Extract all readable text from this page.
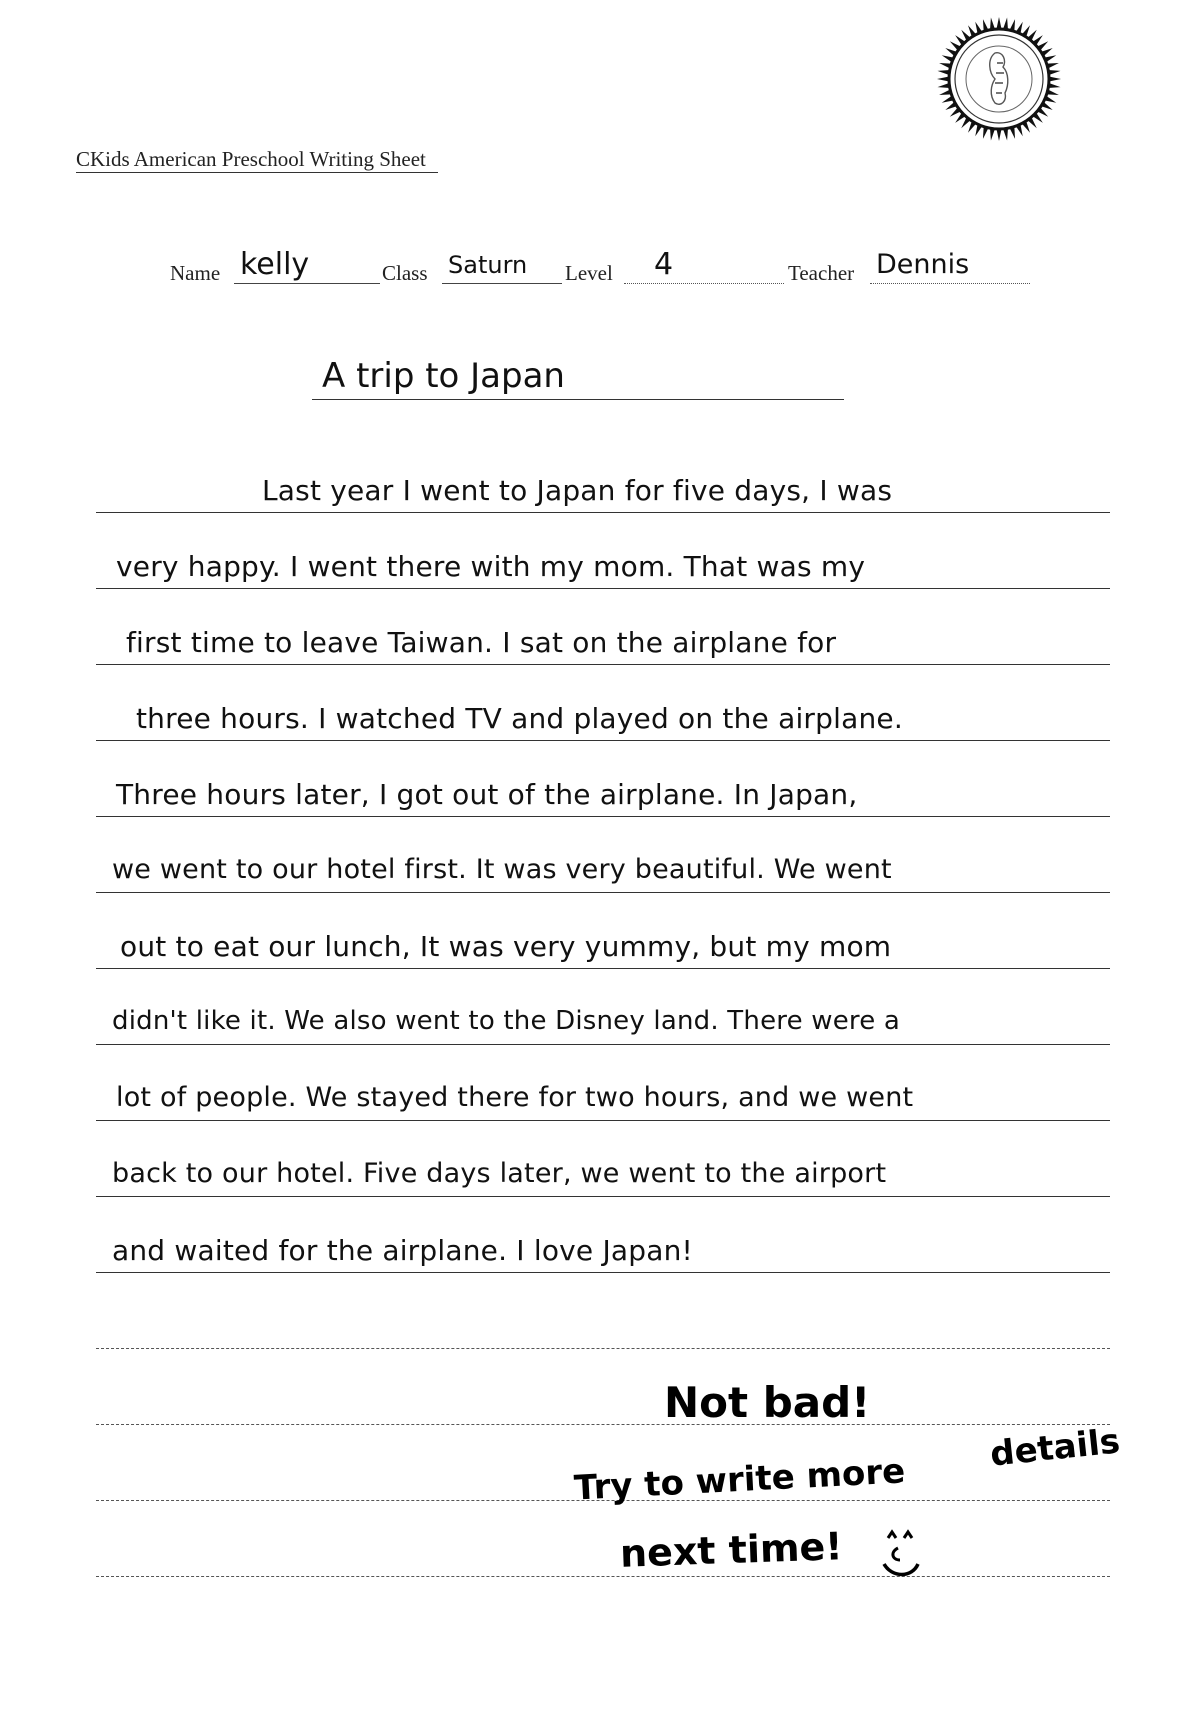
CKids American Preschool Writing Sheet
Name kelly	Class Saturn	Level	4	Teacher Dennis
A trip to Japan
Last year I went to Japan for five days, I was
very happy. I went there with my mom. That was my
first time to leave Taiwan. I sat on the airplane for
three hours. I watched TV and played on the airplane.
Three hours later, I got out of the airplane. In Japan,
we went to our hotel first. It was very beautiful. We went
out to eat our lunch, It was very yummy, but my mom
didn't like it. We also went to the Disney land. There were a
lot of people. We stayed there for two hours, and we went
back to our hotel. Five days later, we went to the airport
and waited for the airplane. I love Japan!
Not bad!
Try to write more
details
next time!
